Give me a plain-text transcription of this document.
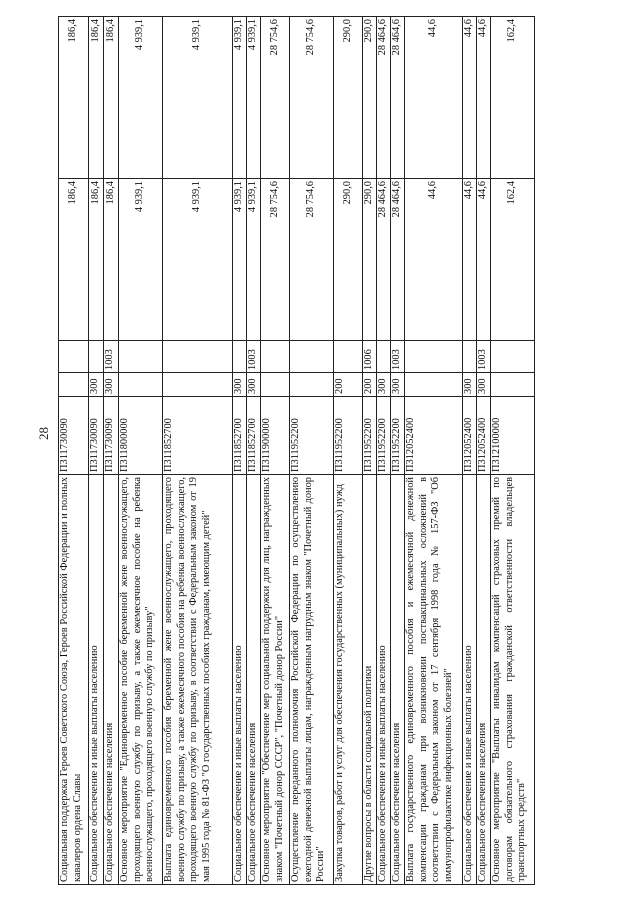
28
Социальная поддержка Героев Советского Союза, Героев Российской Федерации и полных кавалеров ордена Славы	П311730090			186,4	186,4
Социальное обеспечение и иные выплаты населению	П311730090	300		186,4	186,4
Социальное обеспечение населения	П311730090	300	1003	186,4	186,4
Основное мероприятие "Единовременное пособие беременной жене военнослужащего, проходящего военную службу по призыву, а также ежемесячное пособие на ребенка военнослужащего, проходящего военную службу по призыву"	П311800000			4 939,1	4 939,1
Выплата единовременного пособия беременной жене военнослужащего, проходящего военную службу по призыву, а также ежемесячного пособия на ребенка военнослужащего, проходящего военную службу по призыву, в соответствии с Федеральным законом от 19 мая 1995 года № 81-ФЗ "О государственных пособиях гражданам, имеющим детей"	П311852700			4 939,1	4 939,1
Социальное обеспечение и иные выплаты населению	П311852700	300		4 939,1	4 939,1
Социальное обеспечение населения	П311852700	300	1003	4 939,1	4 939,1
Основное мероприятие "Обеспечение мер социальной поддержки для лиц, награжденных знаком "Почетный донор СССР", "Почетный донор России"	П311900000			28 754,6	28 754,6
Осуществление переданного полномочия Российской Федерации по осуществлению ежегодной денежной выплаты лицам, награжденным нагрудным знаком "Почетный донор России"	П311952200			28 754,6	28 754,6
Закупка товаров, работ и услуг для обеспечения государственных (муниципальных) нужд	П311952200	200		290,0	290,0
Другие вопросы в области социальной политики	П311952200	200	1006	290,0	290,0
Социальное обеспечение и иные выплаты населению	П311952200	300		28 464,6	28 464,6
Социальное обеспечение населения	П311952200	300	1003	28 464,6	28 464,6
Выплата государственного единовременного пособия и ежемесячной денежной компенсации гражданам при возникновении поствакцинальных осложнений в соответствии с Федеральным законом от 17 сентября 1998 года № 157-ФЗ "Об иммунопрофилактике инфекционных болезней"	П312052400			44,6	44,6
Социальное обеспечение и иные выплаты населению	П312052400	300		44,6	44,6
Социальное обеспечение населения	П312052400	300	1003	44,6	44,6
Основное мероприятие "Выплаты инвалидам компенсаций страховых премий по договорам обязательного страхования гражданской ответственности владельцев транспортных средств"	П312100000			162,4	162,4
